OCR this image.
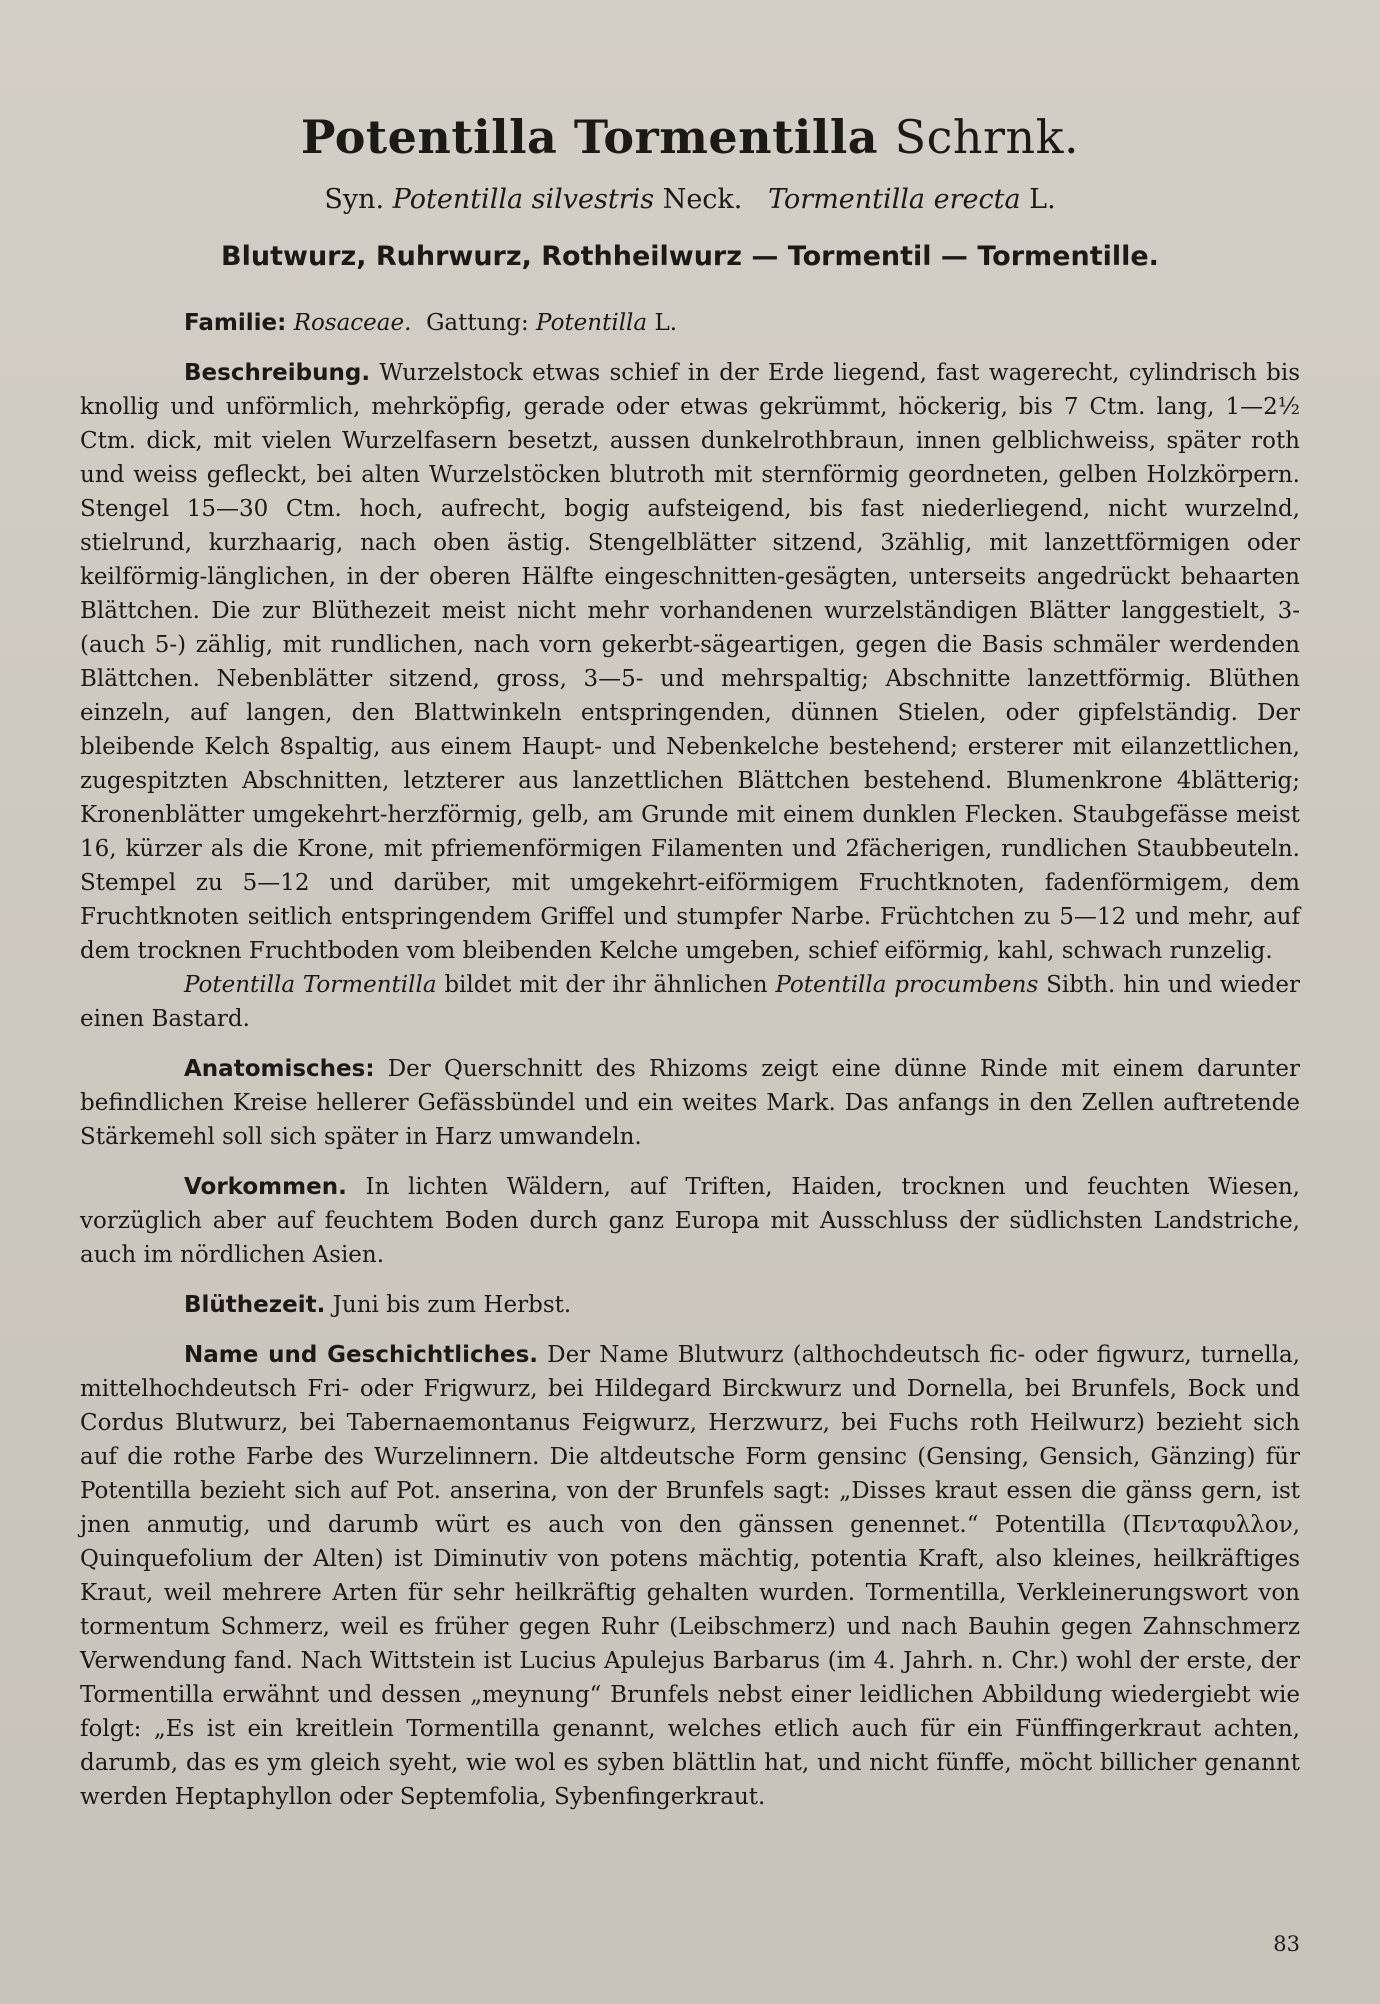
Potentilla Tormentilla Schrnk.

Syn. Potentilla silvestris Neck. Tormentilla erecta L.

Blutwurz, Ruhrwurz, Rothheilwurz — Tormentil — Tormentille.

Familie: Rosaceae. Gattung: Potentilla L.

Beschreibung. Wurzelstock etwas schief in der Erde liegend, fast wagerecht, cylindrisch bis knollig und unförmlich, mehrköpfig, gerade oder etwas gekrümmt, höckerig, bis 7 Ctm. lang, 1—2½ Ctm. dick, mit vielen Wurzelfasern besetzt, aussen dunkelrothbraun, innen gelblichweiss, später roth und weiss gefleckt, bei alten Wurzelstöcken blutroth mit sternförmig geordneten, gelben Holzkörpern. Stengel 15—30 Ctm. hoch, aufrecht, bogig aufsteigend, bis fast niederliegend, nicht wurzelnd, stielrund, kurzhaarig, nach oben ästig. Stengelblätter sitzend, 3zählig, mit lanzettförmigen oder keilförmig-länglichen, in der oberen Hälfte eingeschnitten-gesägten, unterseits angedrückt behaarten Blättchen. Die zur Blüthezeit meist nicht mehr vorhandenen wurzelständigen Blätter langgestielt, 3- (auch 5-) zählig, mit rundlichen, nach vorn gekerbt-sägeartigen, gegen die Basis schmäler werdenden Blättchen. Nebenblätter sitzend, gross, 3—5- und mehrspaltig; Abschnitte lanzettförmig. Blüthen einzeln, auf langen, den Blattwinkeln entspringenden, dünnen Stielen, oder gipfelständig. Der bleibende Kelch 8spaltig, aus einem Haupt- und Nebenkelche bestehend; ersterer mit eilanzettlichen, zugespitzten Abschnitten, letzterer aus lanzettlichen Blättchen bestehend. Blumenkrone 4blätterig; Kronenblätter umgekehrt-herzförmig, gelb, am Grunde mit einem dunklen Flecken. Staubgefässe meist 16, kürzer als die Krone, mit pfriemenförmigen Filamenten und 2fächerigen, rundlichen Staubbeuteln. Stempel zu 5—12 und darüber, mit umgekehrt-eiförmigem Fruchtknoten, fadenförmigem, dem Fruchtknoten seitlich entspringendem Griffel und stumpfer Narbe. Früchtchen zu 5—12 und mehr, auf dem trocknen Fruchtboden vom bleibenden Kelche umgeben, schief eiförmig, kahl, schwach runzelig.

Potentilla Tormentilla bildet mit der ihr ähnlichen Potentilla procumbens Sibth. hin und wieder einen Bastard.

Anatomisches: Der Querschnitt des Rhizoms zeigt eine dünne Rinde mit einem darunter befindlichen Kreise hellerer Gefässbündel und ein weites Mark. Das anfangs in den Zellen auftretende Stärkemehl soll sich später in Harz umwandeln.

Vorkommen. In lichten Wäldern, auf Triften, Haiden, trocknen und feuchten Wiesen, vorzüglich aber auf feuchtem Boden durch ganz Europa mit Ausschluss der südlichsten Landstriche, auch im nördlichen Asien.

Blüthezeit. Juni bis zum Herbst.

Name und Geschichtliches. Der Name Blutwurz (althochdeutsch fic- oder figwurz, turnella, mittelhochdeutsch Fri- oder Frigwurz, bei Hildegard Birckwurz und Dornella, bei Brunfels, Bock und Cordus Blutwurz, bei Tabernaemontanus Feigwurz, Herzwurz, bei Fuchs roth Heilwurz) bezieht sich auf die rothe Farbe des Wurzelinnern. Die altdeutsche Form gensinc (Gensing, Gensich, Gänzing) für Potentilla bezieht sich auf Pot. anserina, von der Brunfels sagt: „Disses kraut essen die gänss gern, ist jnen anmutig, und darumb würt es auch von den gänssen genennet.“ Potentilla (Πενταφυλλον, Quinquefolium der Alten) ist Diminutiv von potens mächtig, potentia Kraft, also kleines, heilkräftiges Kraut, weil mehrere Arten für sehr heilkräftig gehalten wurden. Tormentilla, Verkleinerungswort von tormentum Schmerz, weil es früher gegen Ruhr (Leibschmerz) und nach Bauhin gegen Zahnschmerz Verwendung fand. Nach Wittstein ist Lucius Apulejus Barbarus (im 4. Jahrh. n. Chr.) wohl der erste, der Tormentilla erwähnt und dessen „meynung“ Brunfels nebst einer leidlichen Abbildung wiedergiebt wie folgt: „Es ist ein kreitlein Tormentilla genannt, welches etlich auch für ein Fünffingerkraut achten, darumb, das es ym gleich syeht, wie wol es syben blättlin hat, und nicht fünffe, möcht billicher genannt werden Heptaphyllon oder Septemfolia, Sybenfingerkraut.

83
